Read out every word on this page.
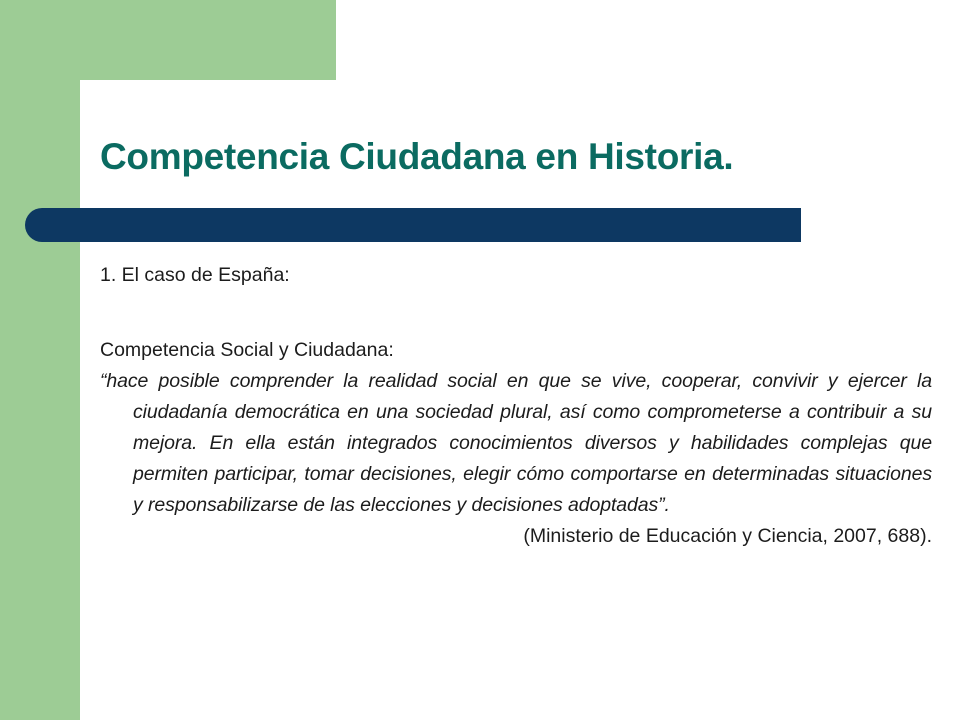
Competencia Ciudadana en Historia.

1. El caso de España:

Competencia Social y Ciudadana:

“hace posible comprender la realidad social en que se vive, cooperar, convivir y ejercer la ciudadanía democrática en una sociedad plural, así como comprometerse a contribuir a su mejora. En ella están integrados conocimientos diversos y habilidades complejas que permiten participar, tomar decisiones, elegir cómo comportarse en determinadas situaciones y responsabilizarse de las elecciones y decisiones adoptadas”.

(Ministerio de Educación y Ciencia, 2007, 688).
